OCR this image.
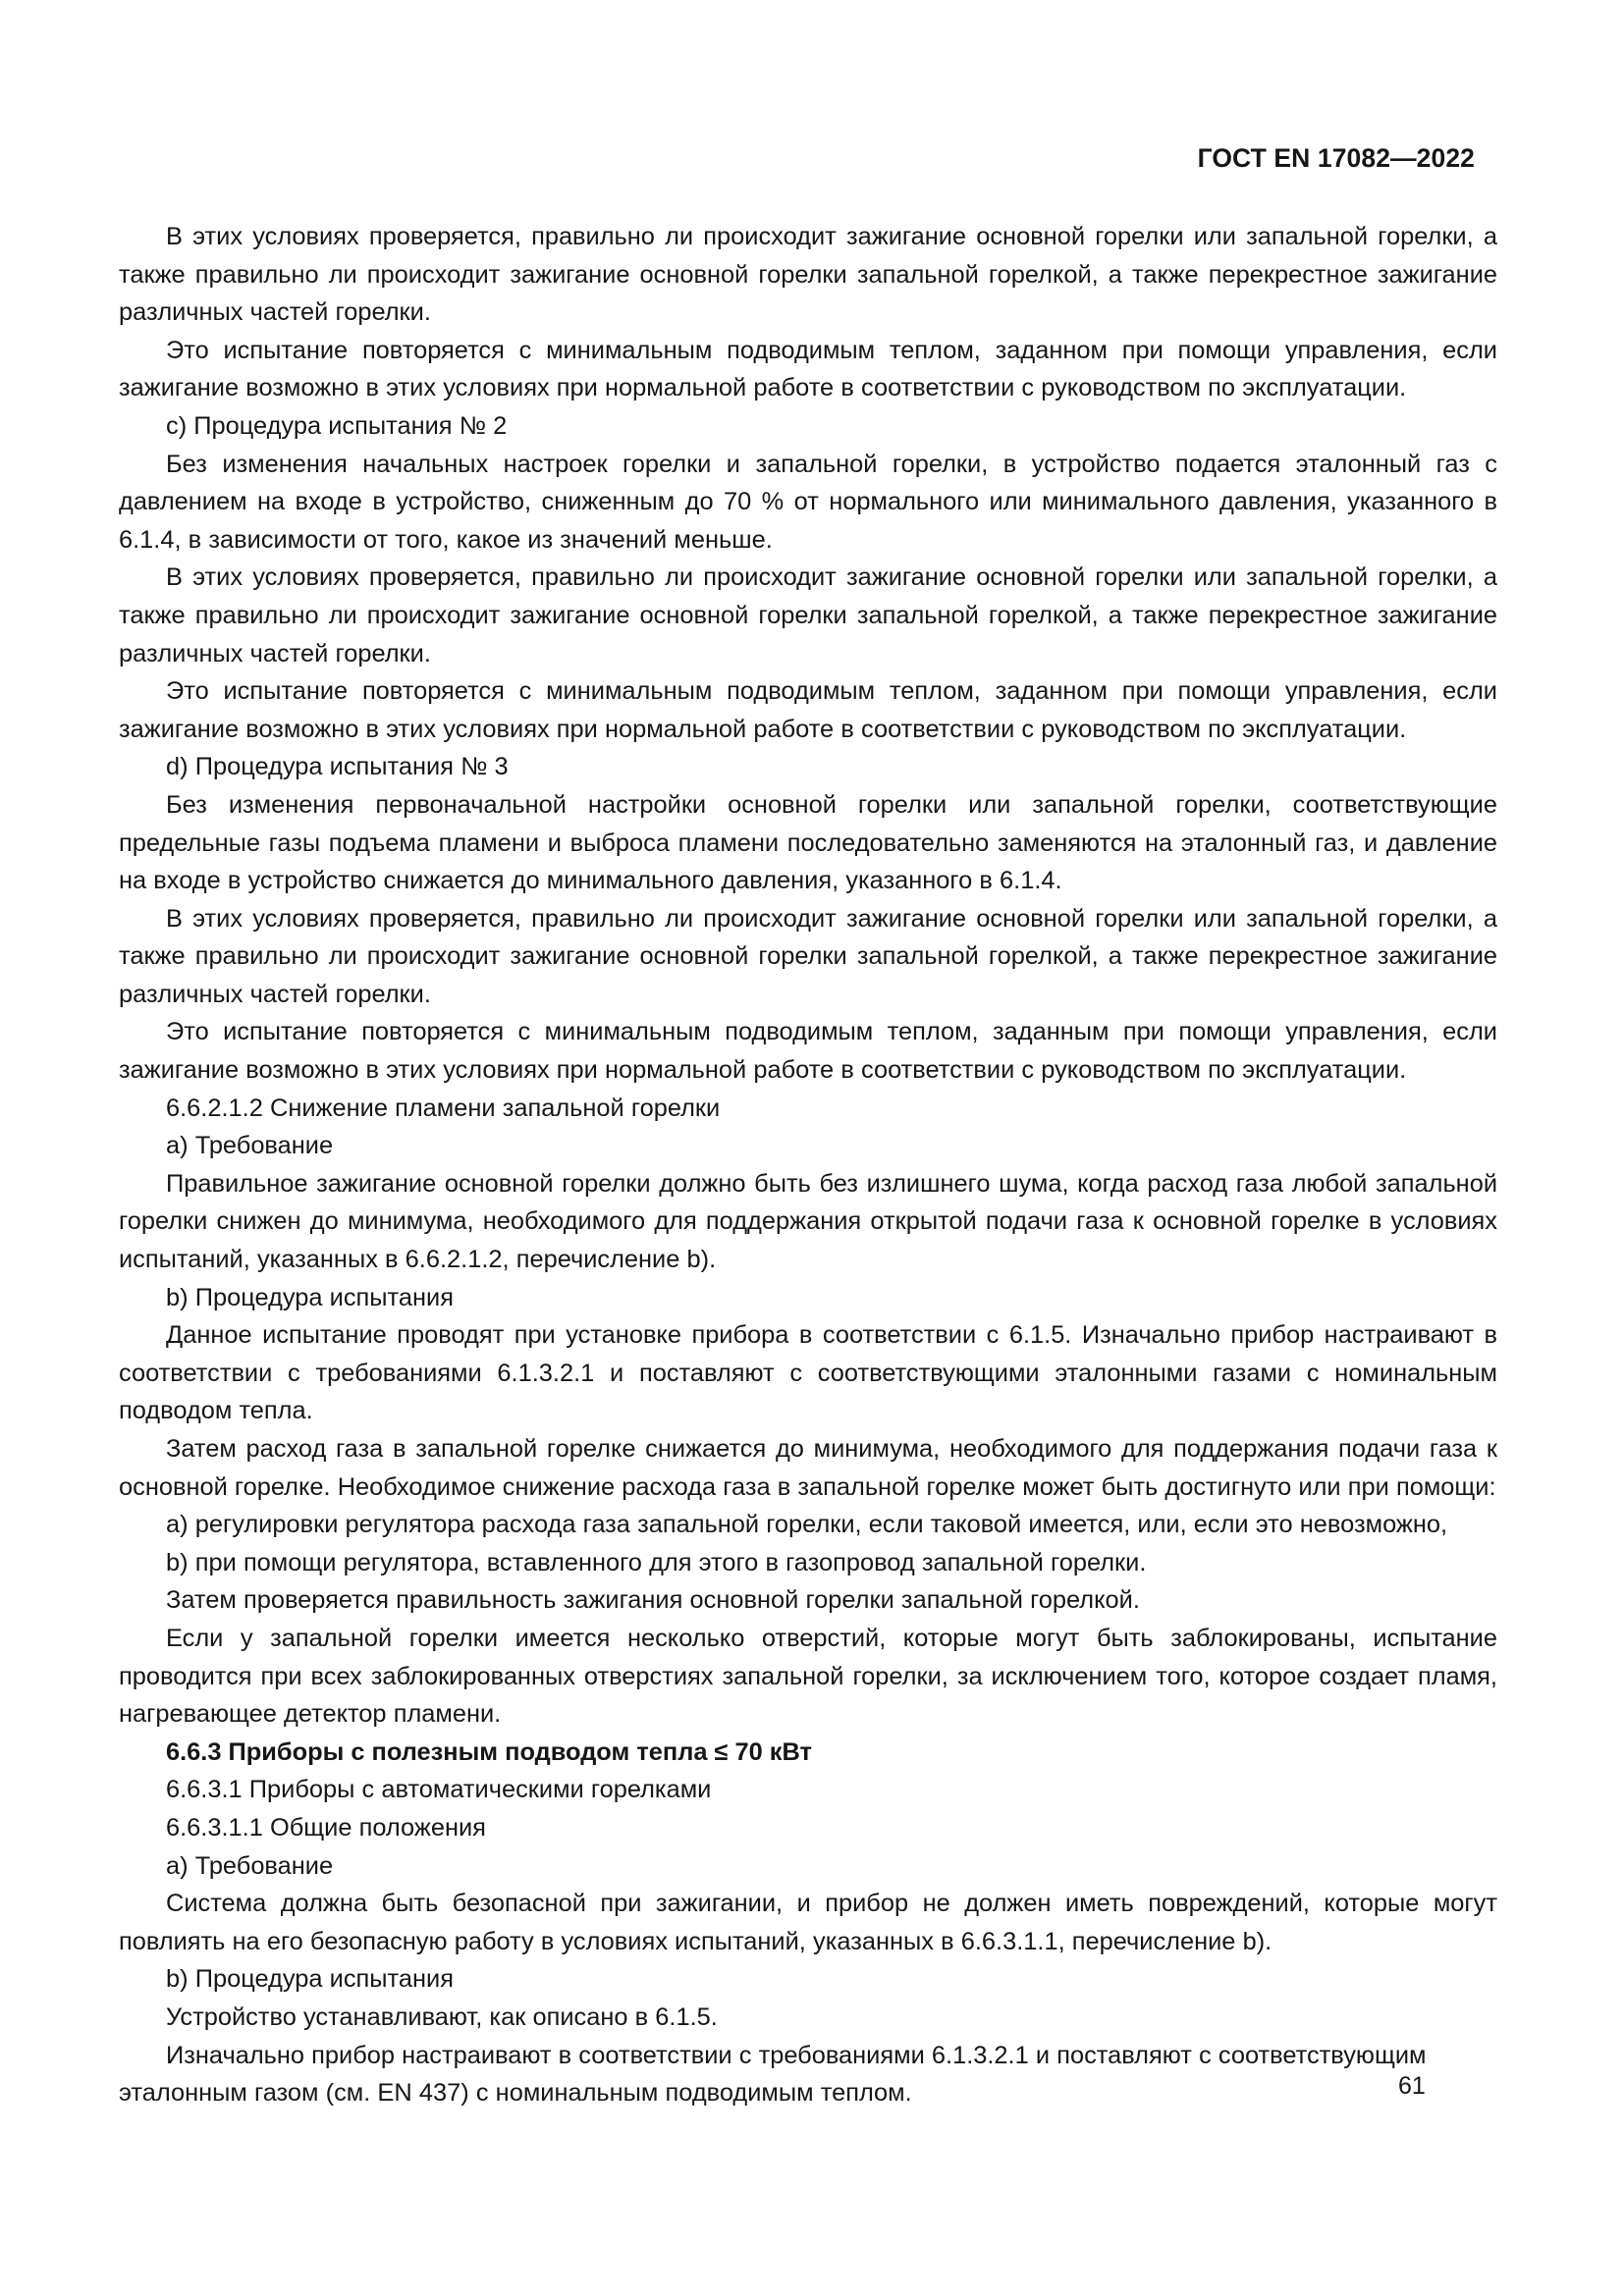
ГОСТ EN 17082—2022

В этих условиях проверяется, правильно ли происходит зажигание основной горелки или запальной горелки, а также правильно ли происходит зажигание основной горелки запальной горелкой, а также перекрестное зажигание различных частей горелки.

Это испытание повторяется с минимальным подводимым теплом, заданном при помощи управления, если зажигание возможно в этих условиях при нормальной работе в соответствии с руководством по эксплуатации.

c) Процедура испытания № 2

Без изменения начальных настроек горелки и запальной горелки, в устройство подается эталонный газ с давлением на входе в устройство, сниженным до 70 % от нормального или минимального давления, указанного в 6.1.4, в зависимости от того, какое из значений меньше.

В этих условиях проверяется, правильно ли происходит зажигание основной горелки или запальной горелки, а также правильно ли происходит зажигание основной горелки запальной горелкой, а также перекрестное зажигание различных частей горелки.

Это испытание повторяется с минимальным подводимым теплом, заданном при помощи управления, если зажигание возможно в этих условиях при нормальной работе в соответствии с руководством по эксплуатации.

d) Процедура испытания № 3

Без изменения первоначальной настройки основной горелки или запальной горелки, соответствующие предельные газы подъема пламени и выброса пламени последовательно заменяются на эталонный газ, и давление на входе в устройство снижается до минимального давления, указанного в 6.1.4.

В этих условиях проверяется, правильно ли происходит зажигание основной горелки или запальной горелки, а также правильно ли происходит зажигание основной горелки запальной горелкой, а также перекрестное зажигание различных частей горелки.

Это испытание повторяется с минимальным подводимым теплом, заданным при помощи управления, если зажигание возможно в этих условиях при нормальной работе в соответствии с руководством по эксплуатации.

6.6.2.1.2 Снижение пламени запальной горелки

a) Требование

Правильное зажигание основной горелки должно быть без излишнего шума, когда расход газа любой запальной горелки снижен до минимума, необходимого для поддержания открытой подачи газа к основной горелке в условиях испытаний, указанных в 6.6.2.1.2, перечисление b).

b) Процедура испытания

Данное испытание проводят при установке прибора в соответствии с 6.1.5. Изначально прибор настраивают в соответствии с требованиями 6.1.3.2.1 и поставляют с соответствующими эталонными газами с номинальным подводом тепла.

Затем расход газа в запальной горелке снижается до минимума, необходимого для поддержания подачи газа к основной горелке. Необходимое снижение расхода газа в запальной горелке может быть достигнуто или при помощи:

a) регулировки регулятора расхода газа запальной горелки, если таковой имеется, или, если это невозможно,

b) при помощи регулятора, вставленного для этого в газопровод запальной горелки.

Затем проверяется правильность зажигания основной горелки запальной горелкой.

Если у запальной горелки имеется несколько отверстий, которые могут быть заблокированы, испытание проводится при всех заблокированных отверстиях запальной горелки, за исключением того, которое создает пламя, нагревающее детектор пламени.

6.6.3 Приборы с полезным подводом тепла ≤ 70 кВт

6.6.3.1 Приборы с автоматическими горелками

6.6.3.1.1 Общие положения

a) Требование

Система должна быть безопасной при зажигании, и прибор не должен иметь повреждений, которые могут повлиять на его безопасную работу в условиях испытаний, указанных в 6.6.3.1.1, перечисление b).

b) Процедура испытания

Устройство устанавливают, как описано в 6.1.5.

Изначально прибор настраивают в соответствии с требованиями 6.1.3.2.1 и поставляют с соответствующим эталонным газом (см. EN 437) с номинальным подводимым теплом.	61
